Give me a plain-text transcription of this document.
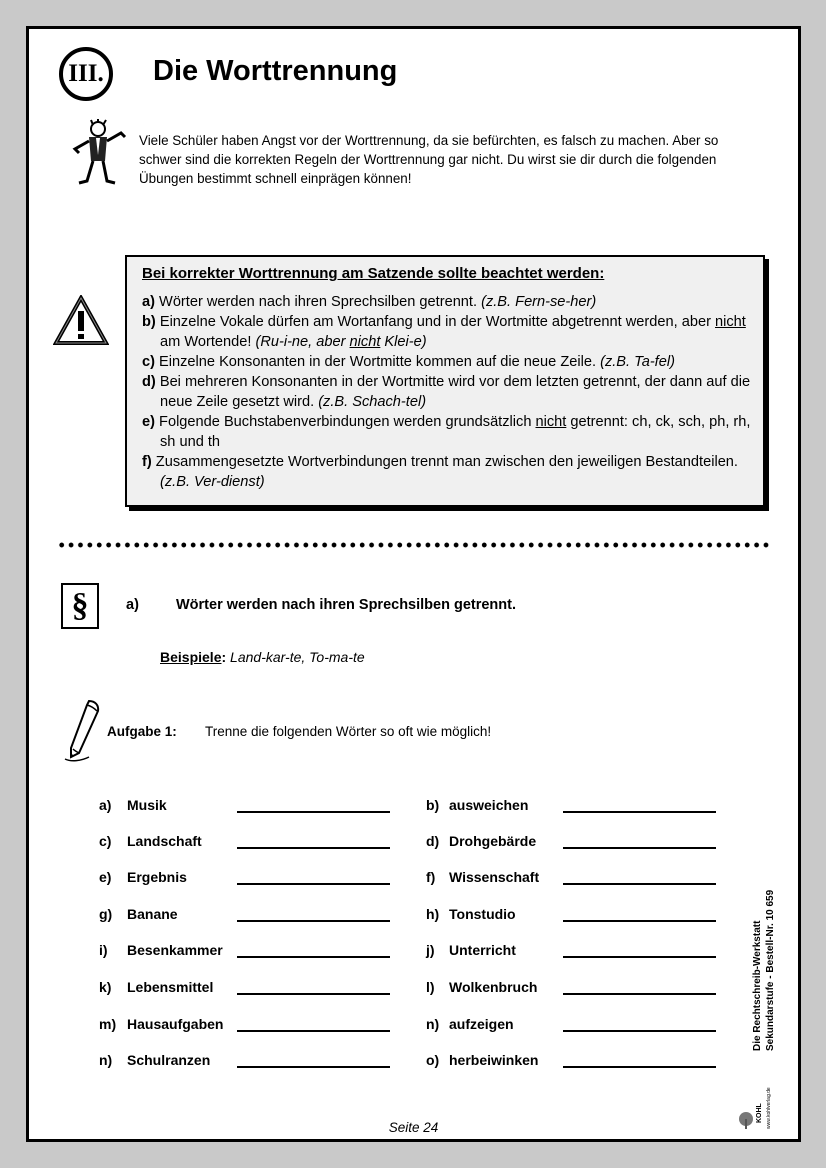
III.	Die Worttrennung

Viele Schüler haben Angst vor der Worttrennung, da sie befürchten, es falsch zu machen. Aber so schwer sind die korrekten Regeln der Worttrennung gar nicht. Du wirst sie dir durch die folgenden Übungen bestimmt schnell einprägen können!

Bei korrekter Worttrennung am Satzende sollte beachtet werden:

a) Wörter werden nach ihren Sprechsilben getrennt. (z.B. Fern-se-her)

b) Einzelne Vokale dürfen am Wortanfang und in der Wortmitte abgetrennt werden, aber nicht am Wortende! (Ru-i-ne, aber nicht Klei-e)

c) Einzelne Konsonanten in der Wortmitte kommen auf die neue Zeile. (z.B. Ta-fel)

d) Bei mehreren Konsonanten in der Wortmitte wird vor dem letzten getrennt, der dann auf die neue Zeile gesetzt wird. (z.B. Schach-tel)

e) Folgende Buchstabenverbindungen werden grundsätzlich nicht getrennt: ch, ck, sch, ph, rh, sh und th

f) Zusammengesetzte Wortverbindungen trennt man zwischen den jeweiligen Bestandteilen. (z.B. Ver-dienst)

§	a)	Wörter werden nach ihren Sprechsilben getrennt.
Beispiele: Land-kar-te, To-ma-te
Aufgabe 1: Trenne die folgenden Wörter so oft wie möglich!
a) Musik
c) Landschaft
e) Ergebnis
g) Banane
i) Besenkammer
k) Lebensmittel
m) Hausaufgaben
n) Schulranzen
b) ausweichen
d) Drohgebärde
f) Wissenschaft
h) Tonstudio
j) Unterricht
l) Wolkenbruch
n) aufzeigen
o) herbeiwinken
Die Rechtschreib-Werkstatt Sekundarstufe - Bestell-Nr. 10 659
KOHL www.kohlverlag.de
Seite 24
